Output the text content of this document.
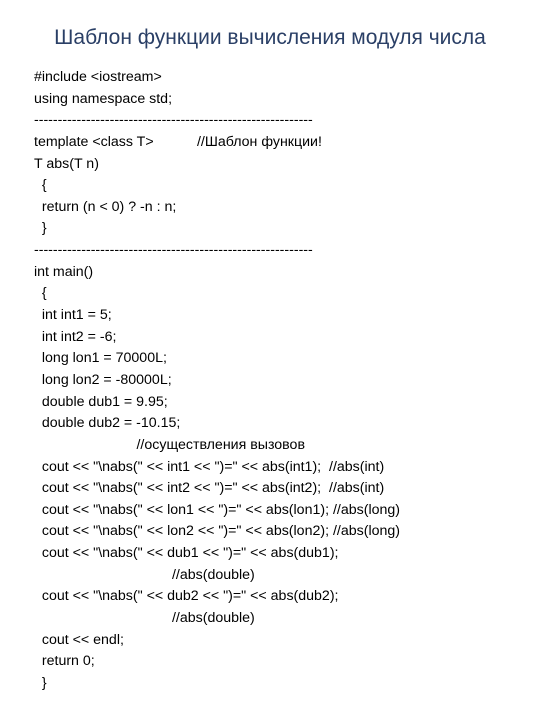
Шаблон функции вычисления модуля числа
#include <iostream>
using namespace std;
-----------------------------------------------------------
template <class T>           //Шаблон функции!
T abs(T n)
{
return (n < 0) ? -n : n;
}
-----------------------------------------------------------
int main()
{
int int1 = 5;
int int2 = -6;
long lon1 = 70000L;
long lon2 = -80000L;
double dub1 = 9.95;
double dub2 = -10.15;
//осуществления вызовов
cout << "\nabs(" << int1 << ")=" << abs(int1);  //abs(int)
cout << "\nabs(" << int2 << ")=" << abs(int2);  //abs(int)
cout << "\nabs(" << lon1 << ")=" << abs(lon1); //abs(long)
cout << "\nabs(" << lon2 << ")=" << abs(lon2); //abs(long)
cout << "\nabs(" << dub1 << ")=" << abs(dub1);
//abs(double)
cout << "\nabs(" << dub2 << ")=" << abs(dub2);
//abs(double)
cout << endl;
return 0;
}
